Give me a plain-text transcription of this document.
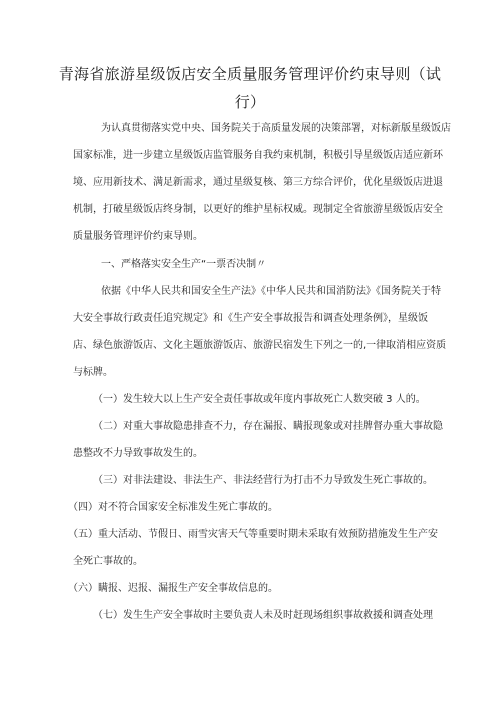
青海省旅游星级饭店安全质量服务管理评价约束导则（试
行）
为认真贯彻落实党中央、国务院关于高质量发展的决策部署，对标新版星级饭店
国家标准，进一步建立星级饭店监管服务自我约束机制，积极引导星级饭店适应新环
境、应用新技术、满足新需求，通过星级复核、第三方综合评价，优化星级饭店进退
机制，打破星级饭店终身制，以更好的维护星标权威。现制定全省旅游星级饭店安全
质量服务管理评价约束导则。
一、严格落实安全生产“一票否决制〃
依据《中华人民共和国安全生产法》《中华人民共和国消防法》《国务院关于特
大安全事故行政责任追究规定》和《生产安全事故报告和调查处理条例》，星级饭
店、绿色旅游饭店、文化主题旅游饭店、旅游民宿发生下列之一的,一律取消相应资质
与标牌。
（一）发生较大以上生产安全责任事故或年度内事故死亡人数突破 3 人的。
（二）对重大事故隐患排查不力，存在漏报、瞒报现象或对挂牌督办重大事故隐
患整改不力导致事故发生的。
（三）对非法建设、非法生产、非法经营行为打击不力导致发生死亡事故的。
（四）对不符合国家安全标准发生死亡事故的。
（五）重大活动、节假日、雨雪灾害天气等重要时期未采取有效预防措施发生生产安
全死亡事故的。
（六）瞒报、迟报、漏报生产安全事故信息的。
（七）发生生产安全事故时主要负责人未及时赶现场组织事故救援和调查处理
